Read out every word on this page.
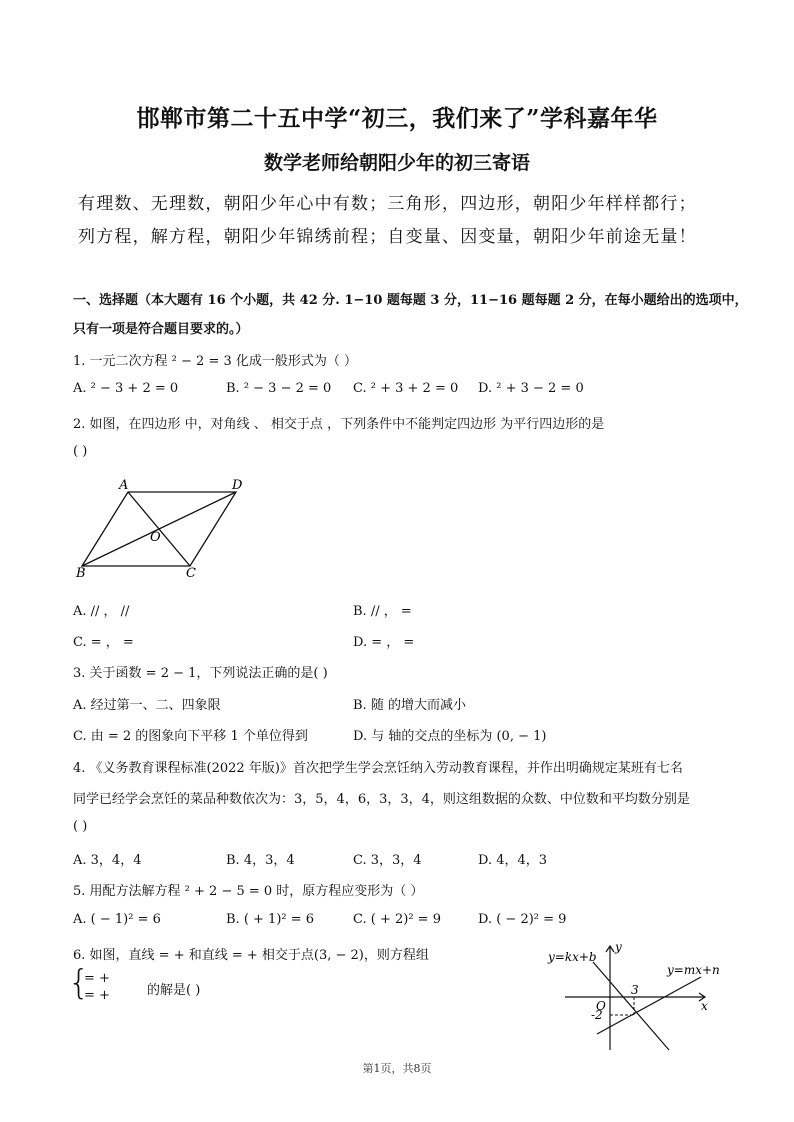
邯郸市第二十五中学“初三，我们来了”学科嘉年华
数学老师给朝阳少年的初三寄语
有理数、无理数，朝阳少年心中有数；三角形，四边形，朝阳少年样样都行；
列方程，解方程，朝阳少年锦绣前程；自变量、因变量，朝阳少年前途无量！
一、选择题（本大题有 16 个小题，共 42 分. 1−10 题每题 3 分，11−16 题每题 2 分，在每小题给出的选项中，
只有一项是符合题目要求的。）
1. 一元二次方程 ² − 2 = 3 化成一般形式为（ ）
A. ² − 3 + 2 = 0	B. ² − 3 − 2 = 0 C. ² + 3 + 2 = 0 D. ² + 3 − 2 = 0
2. 如图，在四边形 中，对角线 、 相交于点 ，下列条件中不能判定四边形 为平行四边形的是
( )
A	D
O
B	C
A. // ， //	B. // ， =
C. = ， =	D. = ， =
3. 关于函数 = 2 − 1，下列说法正确的是( )
A. 经过第一、二、四象限	B. 随 的增大而减小
C. 由 = 2 的图象向下平移 1 个单位得到	D. 与 轴的交点的坐标为 (0, − 1)
4. 《义务教育课程标准(2022 年版)》首次把学生学会烹饪纳入劳动教育课程，并作出明确规定某班有七名
同学已经学会烹饪的菜品种数依次为：3，5，4，6，3，3，4，则这组数据的众数、中位数和平均数分别是
( )
A. 3，4，4	B. 4，3，4	C. 3，3，4	D. 4，4，3
5. 用配方法解方程 ² + 2 − 5 = 0 时，原方程应变形为（ ）
A. ( − 1)² = 6	B. ( + 1)² = 6	C. ( + 2)² = 9	D. ( − 2)² = 9
6. 如图，直线 = + 和直线 = + 相交于点(3, − 2)，则方程组
{
= +
= +	的解是( )
y=kx+b
y=mx+n
y
x
O
3
-2
第1页，共8页
